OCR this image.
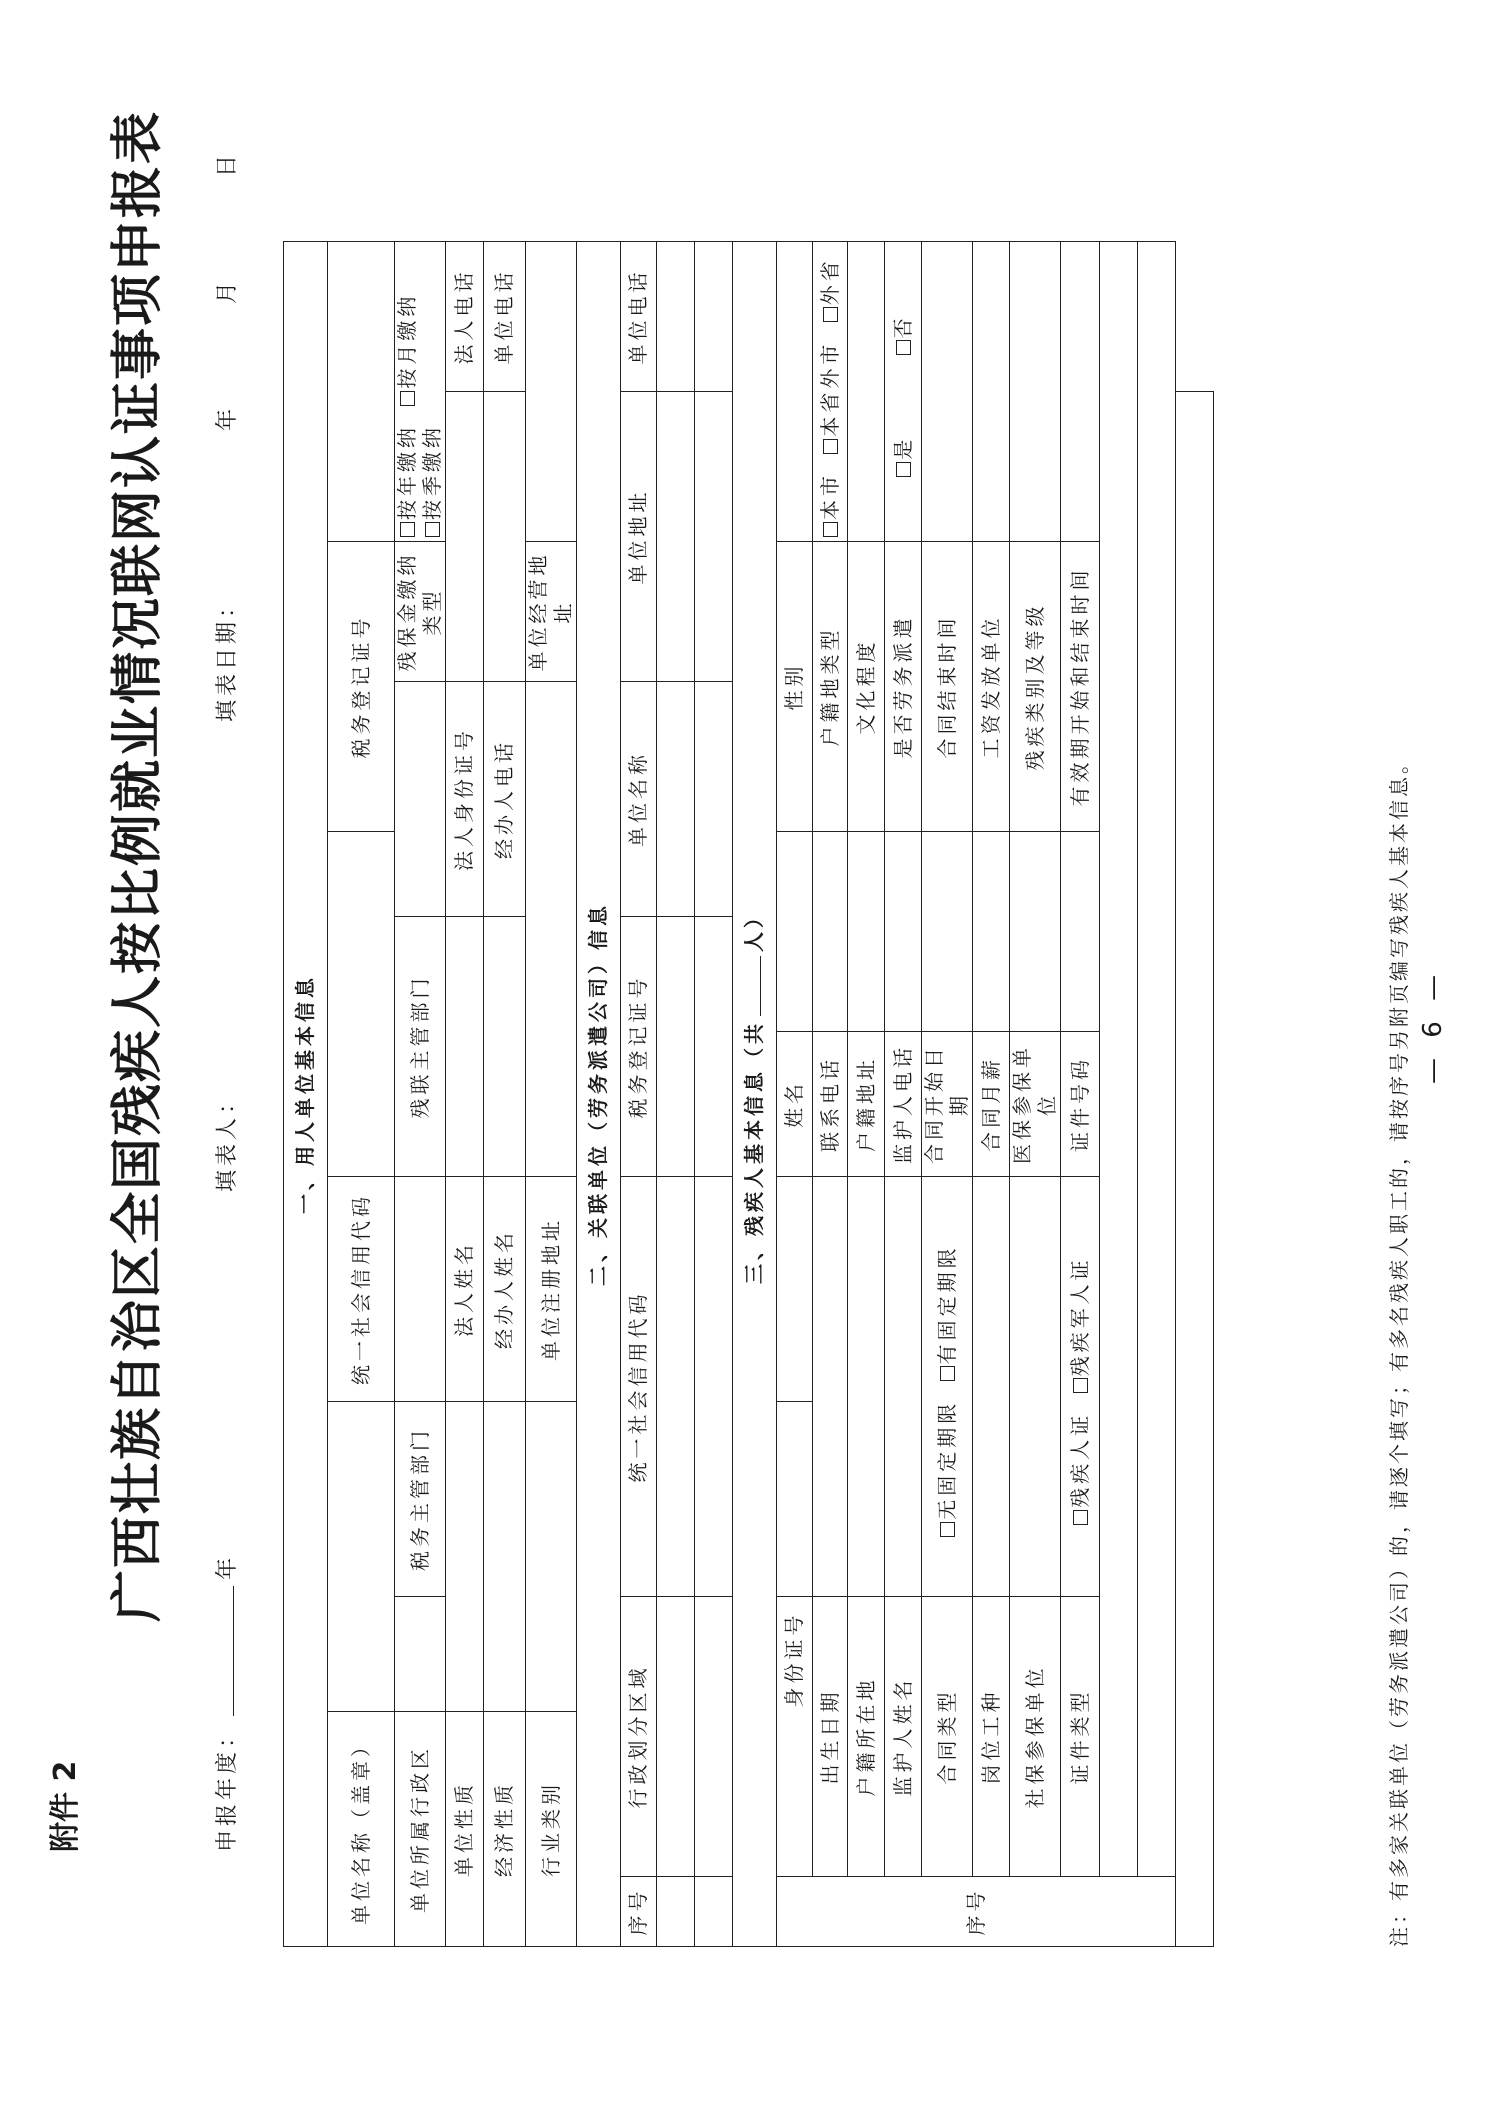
附件 2
广西壮族自治区全国残疾人按比例就业情况联网认证事项申报表
申报年度：年
填表人：
填表日期： 年 月 日
一、用人单位基本信息											
单位名称（盖章）				统一社会信用代码				税务登记证号			
单位所属行政区			税务主管部门		残联主管部门				残保金缴纳类型	按年缴纳 按月缴纳 按季缴纳	
单位性质				法人姓名			法人身份证号				法人电话
经济性质				经办人姓名			经办人电话				单位电话
行业类别				单位注册地址					单位经营地址		
二、关联单位（劳务派遣公司）信息											
序号	行政划分区域		统一社会信用代码		税务登记证号		单位名称		单位地址		单位电话

三、残疾人基本信息（共人）											
序号		身份证号			姓名			性别			
	出生日期				联系电话			户籍地类型		本市 本省外市 外省	
	户籍所在地				户籍地址			文化程度			
	监护人姓名				监护人电话			是否劳务派遣		是 否	
	合同类型		无固定期限 有固定期限		合同开始日期			合同结束时间			
	岗位工种				合同月薪			工资发放单位			
	社保参保单位				医保参保单位			残疾类别及等级			
	证件类型		残疾人证 残疾军人证		证件号码			有效期开始和结束时间			

注：有多家关联单位（劳务派遣公司）的，请逐个填写；有多名残疾人职工的，请按序号另附页编写残疾人基本信息。 — 6 —
